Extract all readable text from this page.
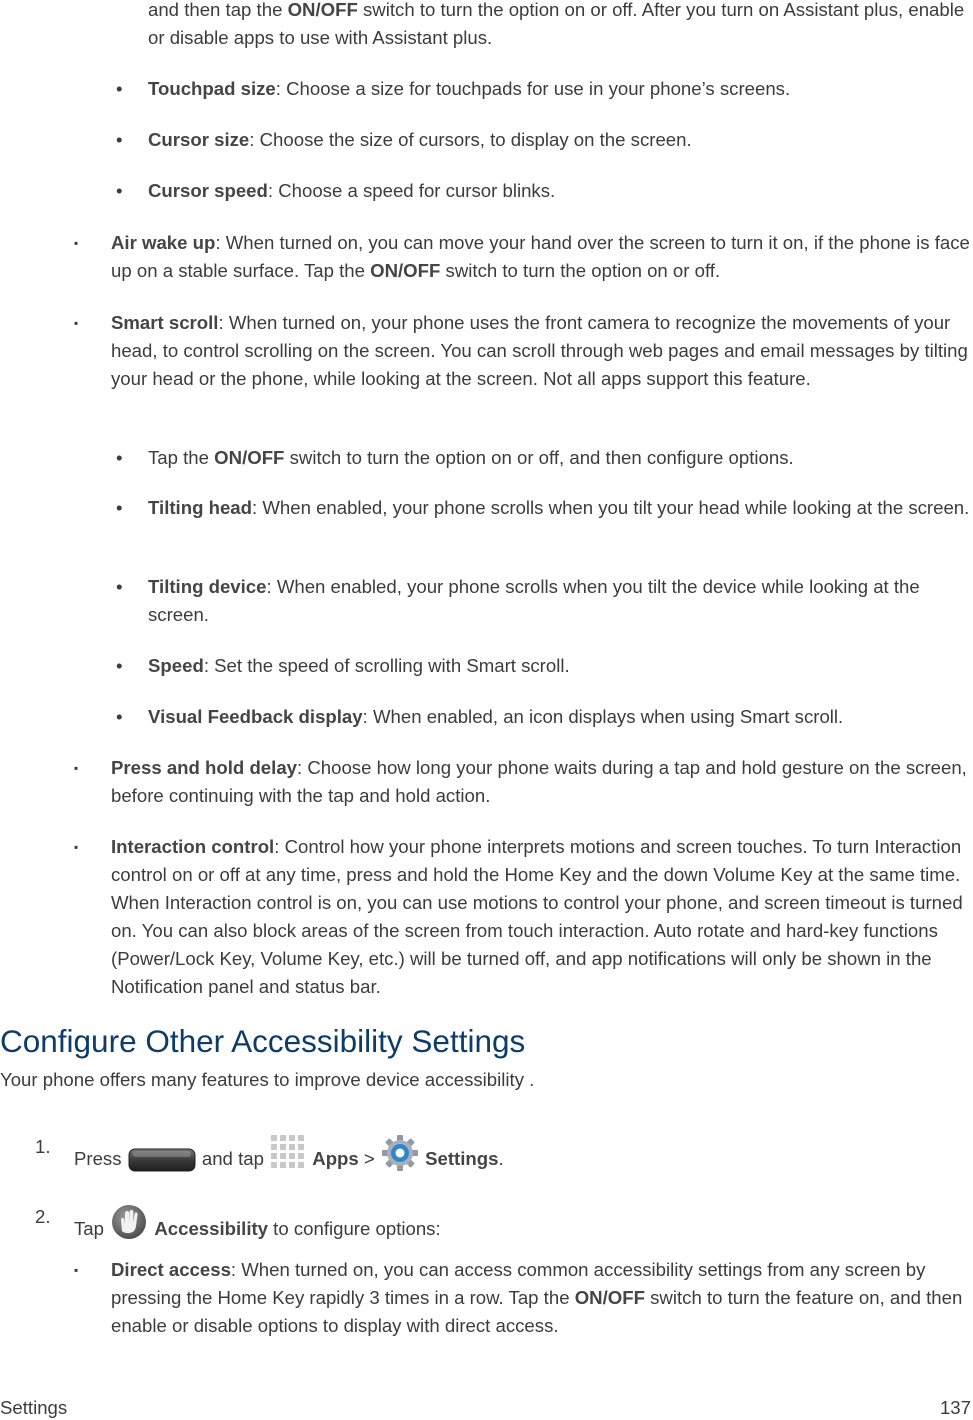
and then tap the ON/OFF switch to turn the option on or off. After you turn on Assistant plus, enable or disable apps to use with Assistant plus.
• Touchpad size: Choose a size for touchpads for use in your phone’s screens.
• Cursor size: Choose the size of cursors, to display on the screen.
• Cursor speed: Choose a speed for cursor blinks.
▪ Air wake up: When turned on, you can move your hand over the screen to turn it on, if the phone is face up on a stable surface. Tap the ON/OFF switch to turn the option on or off.
▪ Smart scroll: When turned on, your phone uses the front camera to recognize the movements of your head, to control scrolling on the screen. You can scroll through web pages and email messages by tilting your head or the phone, while looking at the screen. Not all apps support this feature.
• Tap the ON/OFF switch to turn the option on or off, and then configure options.
• Tilting head: When enabled, your phone scrolls when you tilt your head while looking at the screen.
• Tilting device: When enabled, your phone scrolls when you tilt the device while looking at the screen.
• Speed: Set the speed of scrolling with Smart scroll.
• Visual Feedback display: When enabled, an icon displays when using Smart scroll.
▪ Press and hold delay: Choose how long your phone waits during a tap and hold gesture on the screen, before continuing with the tap and hold action.
▪ Interaction control: Control how your phone interprets motions and screen touches. To turn Interaction control on or off at any time, press and hold the Home Key and the down Volume Key at the same time. When Interaction control is on, you can use motions to control your phone, and screen timeout is turned on. You can also block areas of the screen from touch interaction. Auto rotate and hard-key functions (Power/Lock Key, Volume Key, etc.) will be turned off, and app notifications will only be shown in the Notification panel and status bar.
Configure Other Accessibility Settings
Your phone offers many features to improve device accessibility .
1.
Press	and tap	Apps >	Settings.
2.
Tap	Accessibility to configure options:
▪ Direct access: When turned on, you can access common accessibility settings from any screen by pressing the Home Key rapidly 3 times in a row. Tap the ON/OFF switch to turn the feature on, and then enable or disable options to display with direct access.
Settings	137
